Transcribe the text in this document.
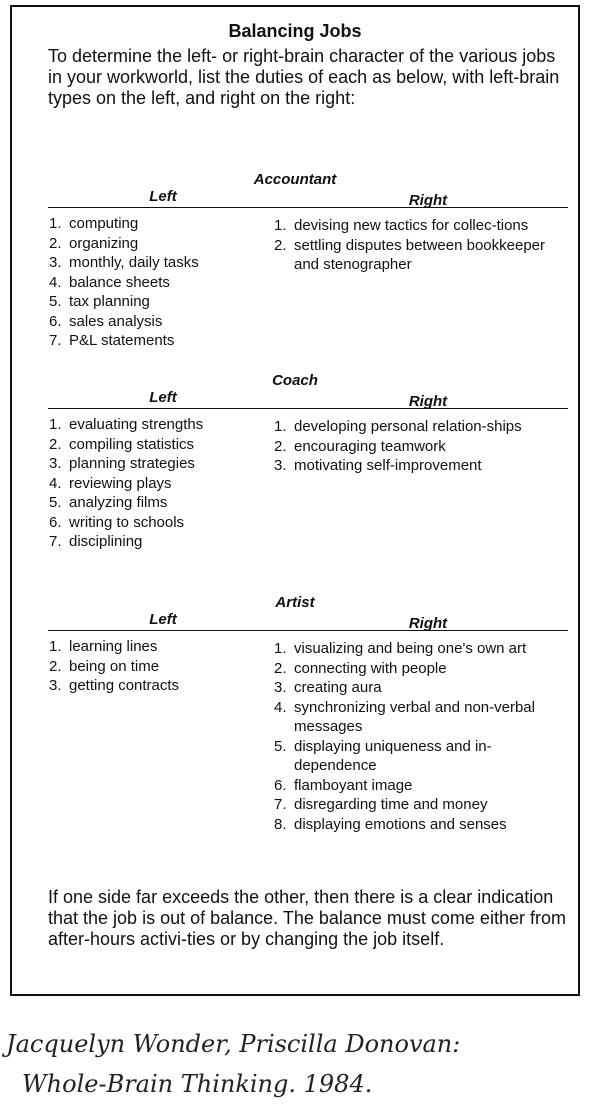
Balancing Jobs
To determine the left- or right-brain character of the various jobs in your workworld, list the duties of each as below, with left-brain types on the left, and right on the right:
Accountant
Left	Right
1. computing
2. organizing
3. monthly, daily tasks
4. balance sheets
5. tax planning
6. sales analysis
7. P&L statements
1. devising new tactics for collec-tions
2. settling disputes between bookkeeper and stenographer
Coach
Left	Right
1. evaluating strengths
2. compiling statistics
3. planning strategies
4. reviewing plays
5. analyzing films
6. writing to schools
7. disciplining
1. developing personal relation-ships
2. encouraging teamwork
3. motivating self-improvement
Artist
Left	Right
1. learning lines
2. being on time
3. getting contracts
1. visualizing and being one's own art
2. connecting with people
3. creating aura
4. synchronizing verbal and non-verbal messages
5. displaying uniqueness and in-dependence
6. flamboyant image
7. disregarding time and money
8. displaying emotions and senses
If one side far exceeds the other, then there is a clear indication that the job is out of balance. The balance must come either from after-hours activi-ties or by changing the job itself.
Jacquelyn Wonder, Priscilla Donovan:
Whole-Brain Thinking. 1984.
